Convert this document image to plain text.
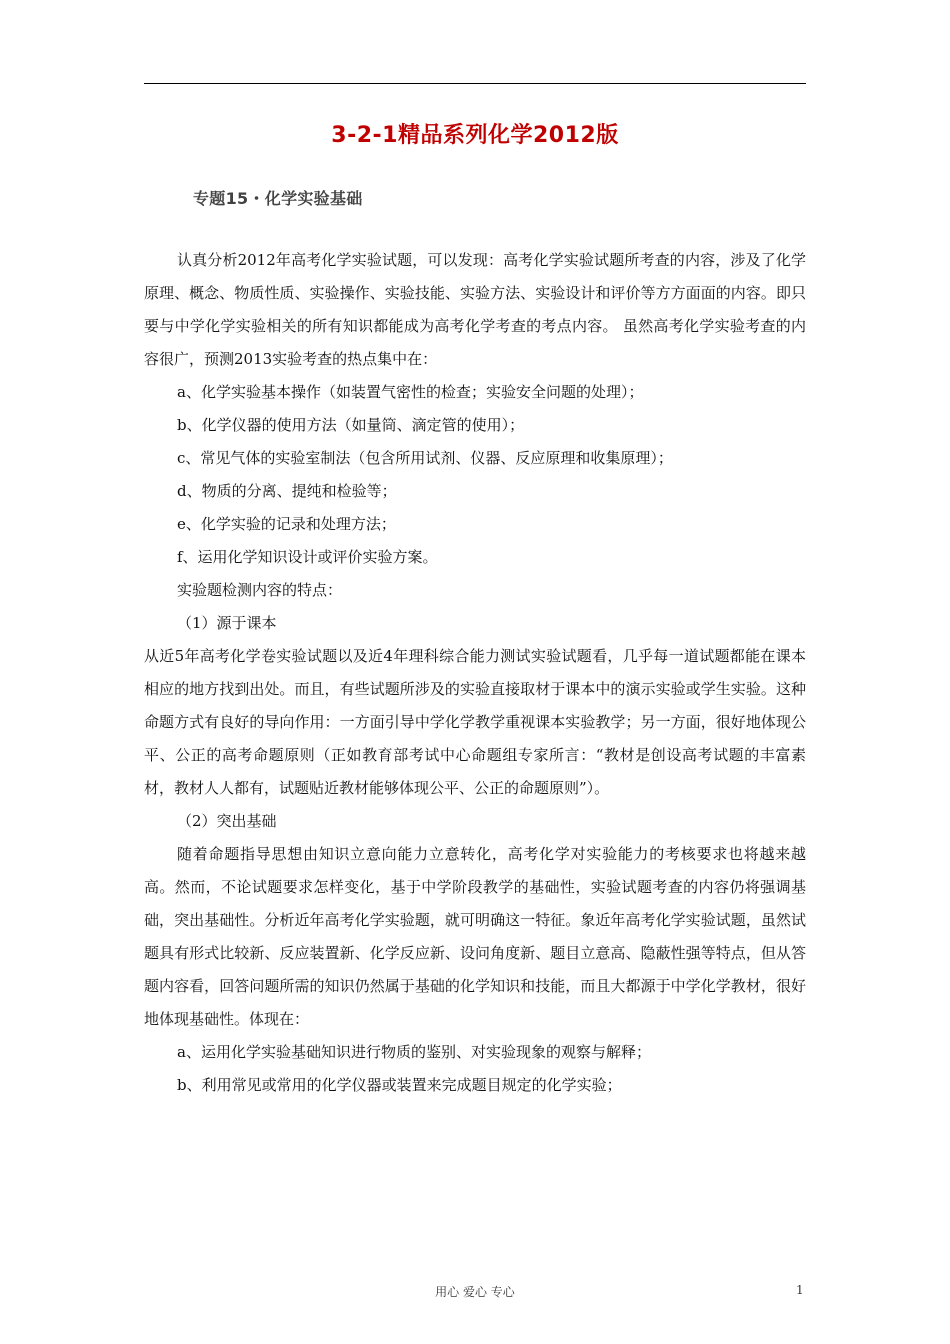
3-2-1精品系列化学2012版
专题15・化学实验基础

认真分析2012年高考化学实验试题，可以发现：高考化学实验试题所考查的内容，涉及了化学原理、概念、物质性质、实验操作、实验技能、实验方法、实验设计和评价等方方面面的内容。即只要与中学化学实验相关的所有知识都能成为高考化学考查的考点内容。 虽然高考化学实验考查的内容很广，预测2013实验考查的热点集中在：

a、化学实验基本操作（如装置气密性的检查；实验安全问题的处理）；

b、化学仪器的使用方法（如量筒、滴定管的使用）；

c、常见气体的实验室制法（包含所用试剂、仪器、反应原理和收集原理）；

d、物质的分离、提纯和检验等；

e、化学实验的记录和处理方法；

f、运用化学知识设计或评价实验方案。

实验题检测内容的特点：

（1）源于课本

从近5年高考化学卷实验试题以及近4年理科综合能力测试实验试题看，几乎每一道试题都能在课本相应的地方找到出处。而且，有些试题所涉及的实验直接取材于课本中的演示实验或学生实验。这种命题方式有良好的导向作用：一方面引导中学化学教学重视课本实验教学；另一方面，很好地体现公平、公正的高考命题原则（正如教育部考试中心命题组专家所言：“教材是创设高考试题的丰富素材，教材人人都有，试题贴近教材能够体现公平、公正的命题原则”）。

（2）突出基础

随着命题指导思想由知识立意向能力立意转化，高考化学对实验能力的考核要求也将越来越高。然而，不论试题要求怎样变化，基于中学阶段教学的基础性，实验试题考查的内容仍将强调基础，突出基础性。分析近年高考化学实验题，就可明确这一特征。象近年高考化学实验试题，虽然试题具有形式比较新、反应装置新、化学反应新、设问角度新、题目立意高、隐蔽性强等特点，但从答题内容看，回答问题所需的知识仍然属于基础的化学知识和技能，而且大都源于中学化学教材，很好地体现基础性。体现在：

a、运用化学实验基础知识进行物质的鉴别、对实验现象的观察与解释；

b、利用常见或常用的化学仪器或装置来完成题目规定的化学实验；

用心 爱心 专心	1
